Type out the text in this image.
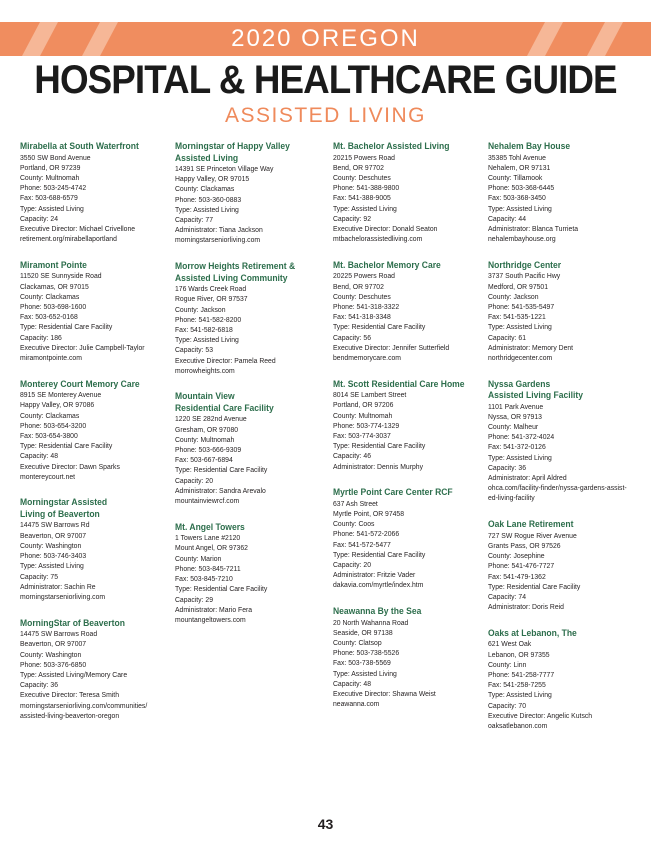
2020 OREGON
HOSPITAL & HEALTHCARE GUIDE
ASSISTED LIVING
Mirabella at South Waterfront
3550 SW Bond Avenue
Portland, OR 97239
County: Multnomah
Phone: 503-245-4742
Fax: 503-688-6579
Type: Assisted Living
Capacity: 24
Executive Director: Michael Crivellone
retirement.org/mirabellaportland
Miramont Pointe
11520 SE Sunnyside Road
Clackamas, OR 97015
County: Clackamas
Phone: 503-698-1600
Fax: 503-652-0168
Type: Residential Care Facility
Capacity: 186
Executive Director: Julie Campbell-Taylor
miramontpointe.com
Monterey Court Memory Care
8915 SE Monterey Avenue
Happy Valley, OR 97086
County: Clackamas
Phone: 503-654-3200
Fax: 503-654-3800
Type: Residential Care Facility
Capacity: 48
Executive Director: Dawn Sparks
montereycourt.net
Morningstar Assisted
Living of Beaverton
14475 SW Barrows Rd
Beaverton, OR 97007
County: Washington
Phone: 503-746-3403
Type: Assisted Living
Capacity: 75
Administrator: Sachin Re
morningstarseniorliving.com
MorningStar of Beaverton
14475 SW Barrows Road
Beaverton, OR 97007
County: Washington
Phone: 503-376-6850
Type: Assisted Living/Memory Care
Capacity: 36
Executive Director: Teresa Smith
morningstarseniorliving.com/communities/
assisted-living-beaverton-oregon
Morningstar of Happy Valley
Assisted Living
14391 SE Princeton Village Way
Happy Valley, OR 97015
County: Clackamas
Phone: 503-360-0883
Type: Assisted Living
Capacity: 77
Administrator: Tiana Jackson
morningstarseniorliving.com
Morrow Heights Retirement &
Assisted Living Community
176 Wards Creek Road
Rogue River, OR 97537
County: Jackson
Phone: 541-582-8200
Fax: 541-582-6818
Type: Assisted Living
Capacity: 53
Executive Director: Pamela Reed
morrowheights.com
Mountain View
Residential Care Facility
1220 SE 282nd Avenue
Gresham, OR 97080
County: Multnomah
Phone: 503-666-9309
Fax: 503-667-6894
Type: Residential Care Facility
Capacity: 20
Administrator: Sandra Arevalo
mountainviewrcf.com
Mt. Angel Towers
1 Towers Lane #2120
Mount Angel, OR 97362
County: Marion
Phone: 503-845-7211
Fax: 503-845-7210
Type: Residential Care Facility
Capacity: 29
Administrator: Mario Fera
mountangeltowers.com
Mt. Bachelor Assisted Living
20215 Powers Road
Bend, OR 97702
County: Deschutes
Phone: 541-388-9800
Fax: 541-388-9005
Type: Assisted Living
Capacity: 92
Executive Director: Donald Seaton
mtbachelorassistedliving.com
Mt. Bachelor Memory Care
20225 Powers Road
Bend, OR 97702
County: Deschutes
Phone: 541-318-3322
Fax: 541-318-3348
Type: Residential Care Facility
Capacity: 56
Executive Director: Jennifer Sutterfield
bendmemorycare.com
Mt. Scott Residential Care Home
8014 SE Lambert Street
Portland, OR 97206
County: Multnomah
Phone: 503-774-1329
Fax: 503-774-3037
Type: Residential Care Facility
Capacity: 46
Administrator: Dennis Murphy
Myrtle Point Care Center RCF
637 Ash Street
Myrtle Point, OR 97458
County: Coos
Phone: 541-572-2066
Fax: 541-572-5477
Type: Residential Care Facility
Capacity: 20
Administrator: Fritzie Vader
dakavia.com/myrtle/index.htm
Neawanna By the Sea
20 North Wahanna Road
Seaside, OR 97138
County: Clatsop
Phone: 503-738-5526
Fax: 503-738-5569
Type: Assisted Living
Capacity: 48
Executive Director: Shawna Weist
neawanna.com
Nehalem Bay House
35385 Tohl Avenue
Nehalem, OR 97131
County: Tillamook
Phone: 503-368-6445
Fax: 503-368-3450
Type: Assisted Living
Capacity: 44
Administrator: Blanca Turrieta
nehalembayhouse.org
Northridge Center
3737 South Pacific Hwy
Medford, OR 97501
County: Jackson
Phone: 541-535-5497
Fax: 541-535-1221
Type: Assisted Living
Capacity: 61
Administrator: Memory Dent
northridgecenter.com
Nyssa Gardens
Assisted Living Facility
1101 Park Avenue
Nyssa, OR 97913
County: Malheur
Phone: 541-372-4024
Fax: 541-372-0126
Type: Assisted Living
Capacity: 36
Administrator: April Aldred
ohca.com/facility-finder/nyssa-gardens-assist-
ed-living-facility
Oak Lane Retirement
727 SW Rogue River Avenue
Grants Pass, OR 97526
County: Josephine
Phone: 541-476-7727
Fax: 541-479-1362
Type: Residential Care Facility
Capacity: 74
Administrator: Doris Reid
Oaks at Lebanon, The
621 West Oak
Lebanon, OR 97355
County: Linn
Phone: 541-258-7777
Fax: 541-258-7255
Type: Assisted Living
Capacity: 70
Executive Director: Angelic Kutsch
oaksatlebanon.com
43
